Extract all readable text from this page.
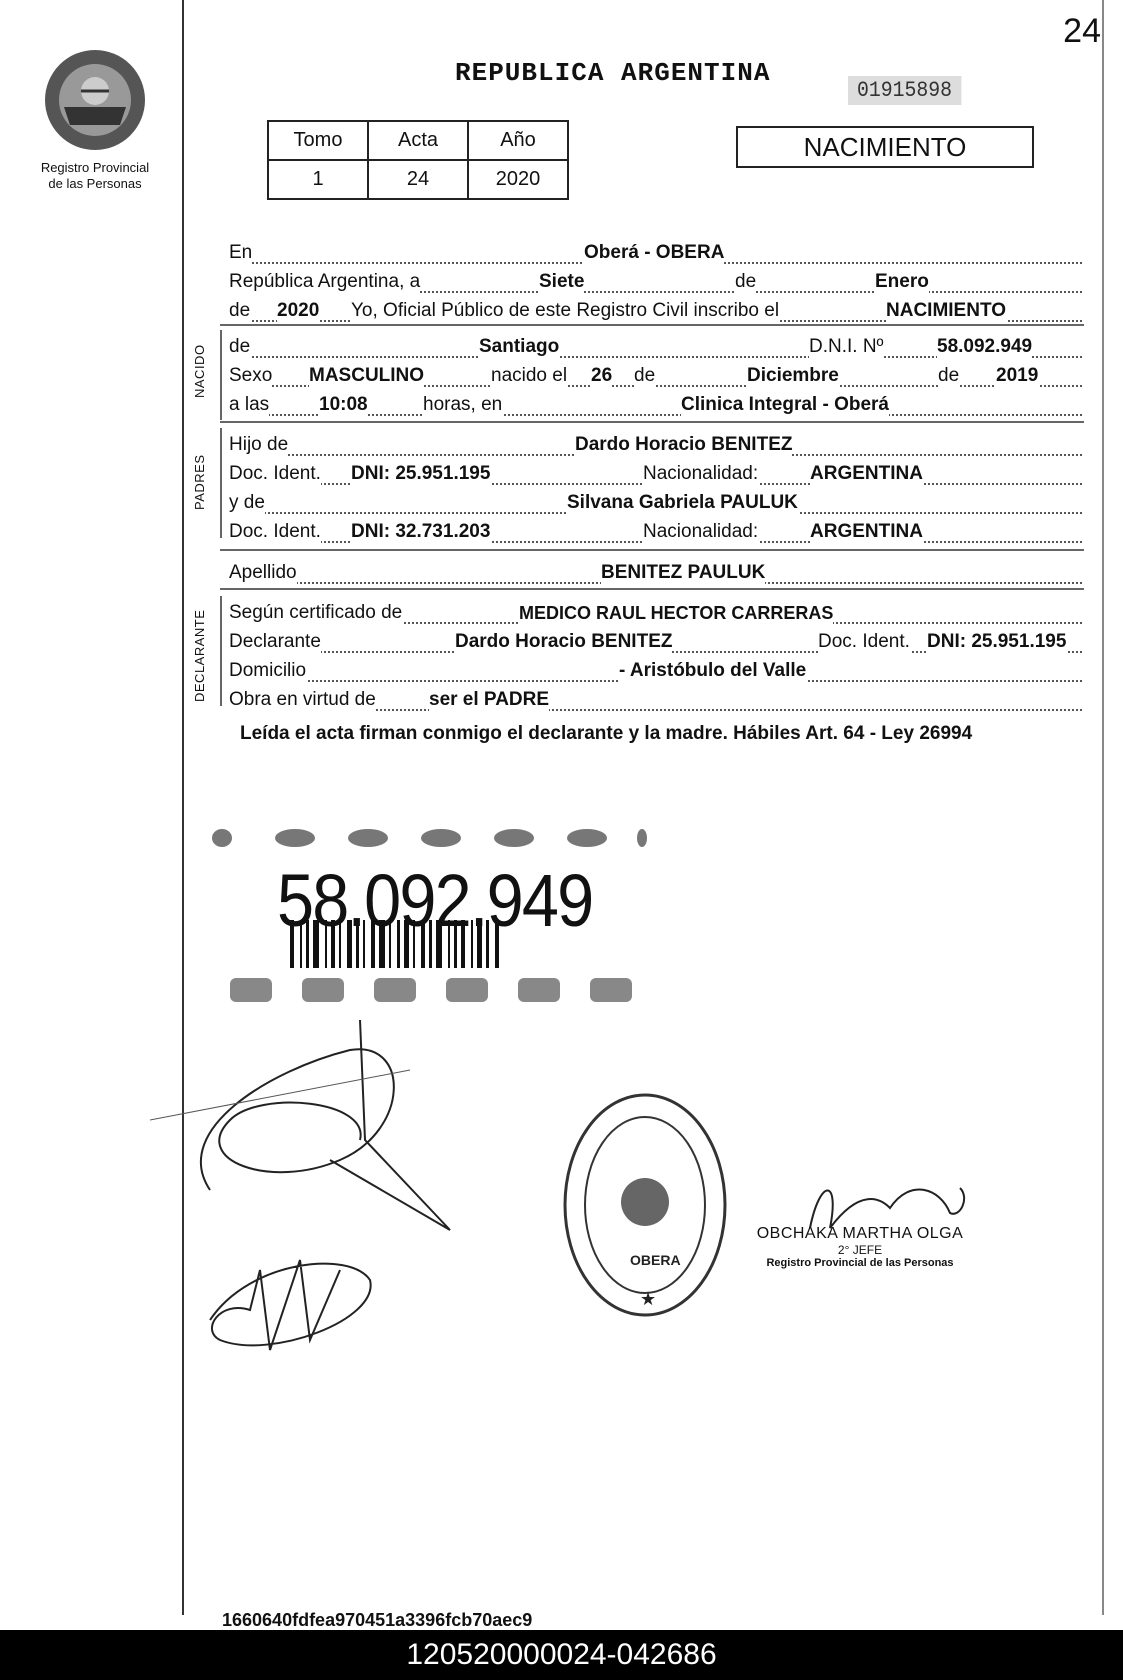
Registro Provincial
de las Personas
REPUBLICA ARGENTINA
24
01915898
Tomo	Acta	Año
1	24	2020
NACIMIENTO
En	Oberá - OBERA
República Argentina, a	Siete	de	Enero
de 2020 Yo, Oficial Público de este Registro Civil inscribo el	NACIMIENTO
NACIDO de	Santiago	D.N.I. Nº	58.092.949
Sexo MASCULINO	nacido el 26 de	Diciembre	de 2019
a las	10:08	horas, en	Clinica Integral - Oberá
PADRES
Hijo de	Dardo Horacio BENITEZ
Doc. Ident. DNI: 25.951.195	Nacionalidad:	ARGENTINA
y de	Silvana Gabriela PAULUK
Doc. Ident. DNI: 32.731.203	Nacionalidad:	ARGENTINA
Apellido	BENITEZ PAULUK
DECLARANTE Según certificado de	MEDICO RAUL HECTOR CARRERAS
Declarante	Dardo Horacio BENITEZ	Doc. Ident. DNI: 25.951.195
Domicilio	- Aristóbulo del Valle
Obra en virtud de	ser el PADRE
Leída el acta firman conmigo el declarante y la madre. Hábiles Art. 64 - Ley 26994
58.092.949
OBERA
★
OBCHAKA MARTHA OLGA
2° JEFE
Registro Provincial de las Personas
1660640fdfea970451a3396fcb70aec9
120520000024-042686
